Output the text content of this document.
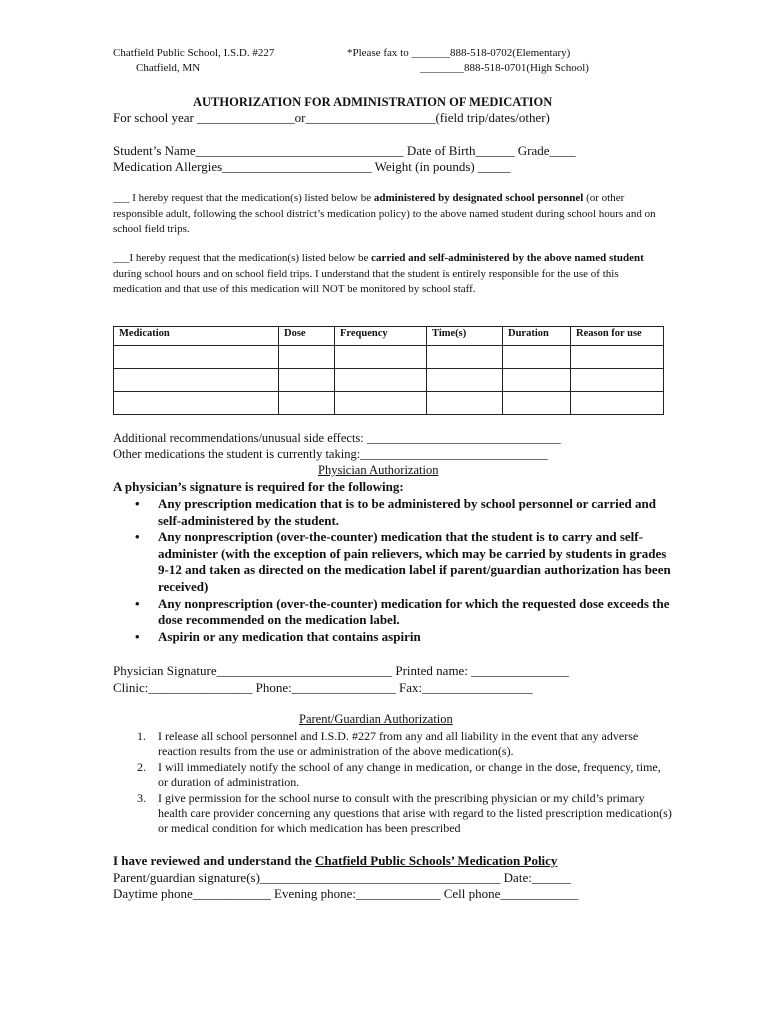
Chatfield Public School, I.S.D. #227
Chatfield, MN
*Please fax to _______888-518-0702(Elementary)
________888-518-0701(High School)
AUTHORIZATION FOR ADMINISTRATION OF MEDICATION
For school year _______________or____________________(field trip/dates/other)
Student’s Name________________________________ Date of Birth______ Grade____
Medication Allergies_______________________ Weight (in pounds) _____
___ I hereby request that the medication(s) listed below be administered by designated school personnel (or other responsible adult, following the school district’s medication policy) to the above named student during school hours and on school field trips.
___I hereby request that the medication(s) listed below be carried and self-administered by the above named student during school hours and on school field trips. I understand that the student is entirely responsible for the use of this medication and that use of this medication will NOT be monitored by school staff.
Medication	Dose	Frequency	Time(s)	Duration	Reason for use

Additional recommendations/unusual side effects: _______________________________
Other medications the student is currently taking:______________________________
Physician Authorization
A physician’s signature is required for the following:
• Any prescription medication that is to be administered by school personnel or carried and self-administered by the student.
• Any nonprescription (over-the-counter) medication that the student is to carry and self-administer (with the exception of pain relievers, which may be carried by students in grades 9-12 and taken as directed on the medication label if parent/guardian authorization has been received)
• Any nonprescription (over-the-counter) medication for which the requested dose exceeds the dose recommended on the medication label.
• Aspirin or any medication that contains aspirin
Physician Signature___________________________ Printed name: _______________
Clinic:________________ Phone:________________ Fax:_________________
Parent/Guardian Authorization
1. I release all school personnel and I.S.D. #227 from any and all liability in the event that any adverse reaction results from the use or administration of the above medication(s).
2. I will immediately notify the school of any change in medication, or change in the dose, frequency, time, or duration of administration.
3. I give permission for the school nurse to consult with the prescribing physician or my child’s primary health care provider concerning any questions that arise with regard to the listed prescription medication(s) or medical condition for which medication has been prescribed
I have reviewed and understand the Chatfield Public Schools’ Medication Policy
Parent/guardian signature(s)_____________________________________ Date:______
Daytime phone____________ Evening phone:_____________ Cell phone____________
